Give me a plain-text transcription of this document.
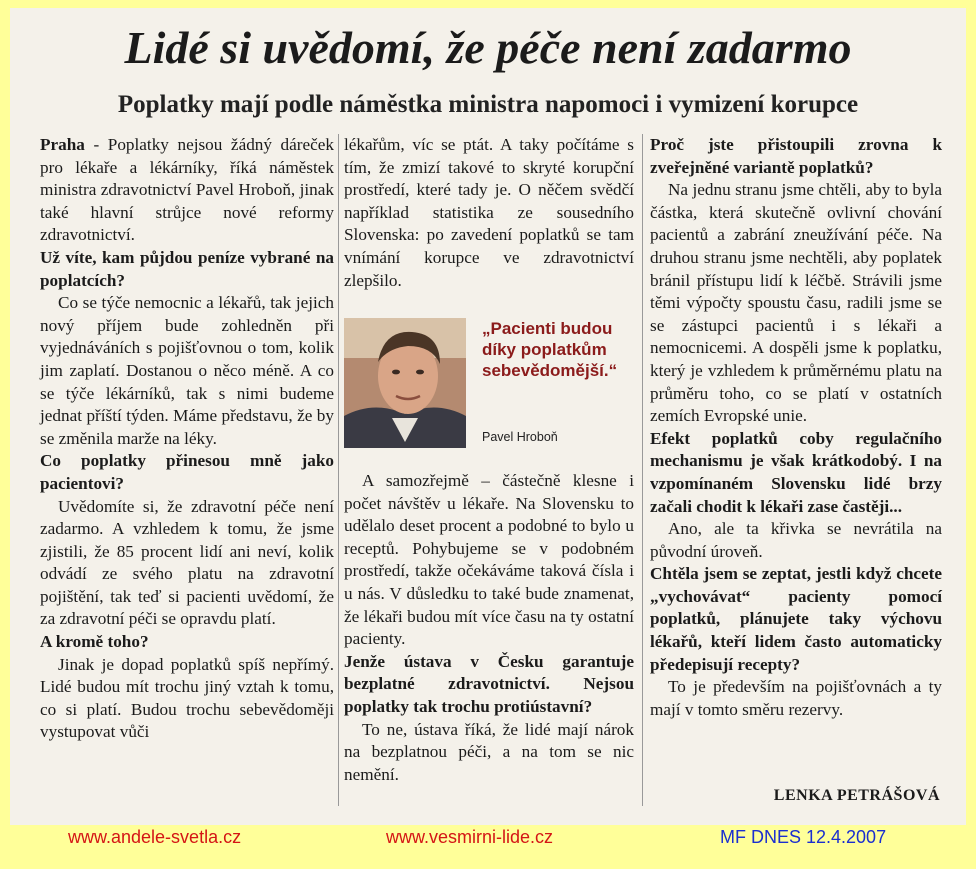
Lidé si uvědomí, že péče není zadarmo
Poplatky mají podle náměstka ministra napomoci i vymizení korupce

Praha - Poplatky nejsou žádný dáreček pro lékaře a lékárníky, říká náměstek ministra zdravotnictví Pavel Hroboň, jinak také hlavní strůjce nové reformy zdravotnictví.

Už víte, kam půjdou peníze vybrané na poplatcích?

Co se týče nemocnic a lékařů, tak jejich nový příjem bude zohledněn při vyjednáváních s pojišťovnou o tom, kolik jim zaplatí. Dostanou o něco méně. A co se týče lékárníků, tak s nimi budeme jednat příští týden. Máme představu, že by se změnila marže na léky.

Co poplatky přinesou mně jako pacientovi?

Uvědomíte si, že zdravotní péče není zadarmo. A vzhledem k tomu, že jsme zjistili, že 85 procent lidí ani neví, kolik odvádí ze svého platu na zdravotní pojištění, tak teď si pacienti uvědomí, že za zdravotní péči se opravdu platí.

A kromě toho?

Jinak je dopad poplatků spíš nepřímý. Lidé budou mít trochu jiný vztah k tomu, co si platí. Budou trochu sebevědoměji vystupovat vůči

lékařům, víc se ptát. A taky počítáme s tím, že zmizí takové to skryté korupční prostředí, které tady je. O něčem svědčí například statistika ze sousedního Slovenska: po zavedení poplatků se tam vnímání korupce ve zdravotnictví zlepšilo.

A samozřejmě – částečně klesne i počet návštěv u lékaře. Na Slovensku to udělalo deset procent a podobné to bylo u receptů. Pohybujeme se v podobném prostředí, takže očekáváme taková čísla i u nás. V důsledku to také bude znamenat, že lékaři budou mít více času na ty ostatní pacienty.

Jenže ústava v Česku garantuje bezplatné zdravotnictví. Nejsou poplatky tak trochu protiústavní?

To ne, ústava říká, že lidé mají nárok na bezplatnou péči, a na tom se nic nemění.

Proč jste přistoupili zrovna k zveřejněné variantě poplatků?

Na jednu stranu jsme chtěli, aby to byla částka, která skutečně ovlivní chování pacientů a zabrání zneužívání péče. Na druhou stranu jsme nechtěli, aby poplatek bránil přístupu lidí k léčbě. Strávili jsme těmi výpočty spoustu času, radili jsme se se zástupci pacientů i s lékaři a nemocnicemi. A dospěli jsme k poplatku, který je vzhledem k průměrnému platu na průměru toho, co se platí v ostatních zemích Evropské unie.

Efekt poplatků coby regulačního mechanismu je však krátkodobý. I na vzpomínaném Slovensku lidé brzy začali chodit k lékaři zase častěji...

Ano, ale ta křivka se nevrátila na původní úroveň.

Chtěla jsem se zeptat, jestli když chcete „vychovávat“ pacienty pomocí poplatků, plánujete taky výchovu lékařů, kteří lidem často automaticky předepisují recepty?

To je především na pojišťovnách a ty mají v tomto směru rezervy.

„Pacienti budou díky poplatkům sebevědomější.“

Pavel Hroboň

LENKA PETRÁŠOVÁ
www.andele-svetla.cz	www.vesmirni-lide.cz	MF DNES 12.4.2007
